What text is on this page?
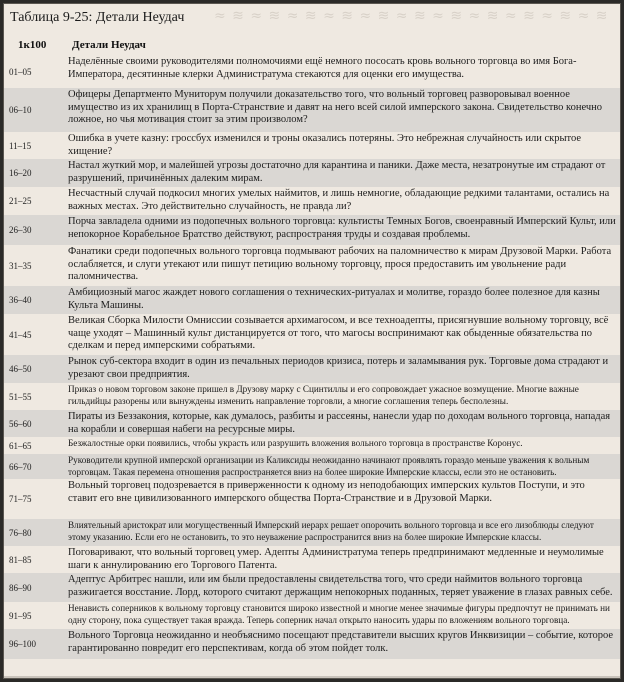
≈ ≋ ≈ ≋ ≈ ≋ ≈ ≋ ≈ ≋ ≈ ≋ ≈ ≋ ≈ ≋ ≈ ≋ ≈ ≋ ≈ ≋
Таблица 9-25: Детали Неудач
1к100 Детали Неудач
01–05
Наделённые своими руководителями полномочиями ещё немного пососать кровь вольного торговца во имя Бога-Императора, десятинные клерки Администратума стекаются для оценки его имущества.
06–10
Офицеры Департменто Муниторум получили доказательство того, что вольный торговец разворовывал военное имущество из их хранилищ в Порта-Странствие и давят на него всей силой имперского закона. Свидетельство конечно ложное, но чья мотивация стоит за этим произволом?
11–15
Ошибка в учете казну: гроссбух изменился и троны оказались потеряны. Это небрежная случайность или скрытое хищение?
16–20
Настал жуткий мор, и малейшей угрозы достаточно для карантина и паники. Даже места, незатронутые им страдают от разрушений, причинённых далеким мирам.
21–25
Несчастный случай подкосил многих умелых наймитов, и лишь немногие, обладающие редкими талантами, остались на важных местах. Это действительно случайность, не правда ли?
26–30
Порча завладела одними из подопечных вольного торговца: культисты Темных Богов, своенравный Имперский Культ, или непокорное Корабельное Братство действуют, распространяя труды и создавая проблемы.
31–35
Фанатики среди подопечных вольного торговца подмывают рабочих на паломничество к мирам Друзовой Марки. Работа ослабляется, и слуги утекают или пишут петицию вольному торговцу, прося предоставить им увольнение ради паломничества.
36–40
Амбициозный магос жаждет нового соглашения о технических-ритуалах и молитве, гораздо более полезное для казны Культа Машины.
41–45
Великая Сборка Милости Омниссии созывается архимагосом, и все техноадепты, присягнувшие вольному торговцу, всё чаще уходят – Машинный культ дистанцируется от того, что магосы воспринимают как обыденные обязательства по сделкам и перед имперскими собратьями.
46–50
Рынок суб-сектора входит в один из печальных периодов кризиса, потерь и заламывания рук. Торговые дома страдают и урезают свои предприятия.
51–55
Приказ о новом торговом законе пришел в Друзову марку с Сцинтиллы и его сопровождает ужасное возмущение. Многие важные гильдийцы разорены или вынуждены изменить направление торговли, а многие соглашения теперь бесполезны.
56–60
Пираты из Беззакония, которые, как думалось, разбиты и рассеяны, нанесли удар по доходам вольного торговца, нападая на корабли и совершая набеги на ресурсные миры.
61–65	Безжалостные орки появились, чтобы украсть или разрушить вложения вольного торговца в пространстве Коронус.
66–70
Руководители крупной имперской организации из Каликсиды неожиданно начинают проявлять гораздо меньше уважения к вольным торговцам. Такая перемена отношения распространяется вниз на более широкие Имперские классы, если это не остановить.
71–75
Вольный торговец подозревается в приверженности к одному из неподобающих имперских культов Поступи, и это ставит его вне цивилизованного имперского общества Порта-Странствие и в Друзовой Марки.
76–80
Влиятельный аристократ или могущественный Имперский иерарх решает опорочить вольного торговца и все его лизоблюды следуют этому указанию. Если его не остановить, то это неуважение распространится вниз на более широкие Имперские классы.
81–85
Поговаривают, что вольный торговец умер. Адепты Администратума теперь предпринимают медленные и неумолимые шаги к аннулированию его Торгового Патента.
86–90
Адептус Арбитрес нашли, или им были предоставлены свидетельства того, что среди наймитов вольного торговца разжигается восстание. Лорд, которого считают держащим непокорных поданных, теряет уважение в глазах равных себе.
91–95
Ненависть соперников к вольному торговцу становится широко известной и многие менее значимые фигуры предпочтут не принимать ни одну сторону, пока существует такая вражда. Теперь соперник начал открыто наносить удары по вложениям вольного торговца.
96–100
Вольного Торговца неожиданно и необъяснимо посещают представители высших кругов Инквизиции – событие, которое гарантированно повредит его перспективам, когда об этом пойдет толк.
